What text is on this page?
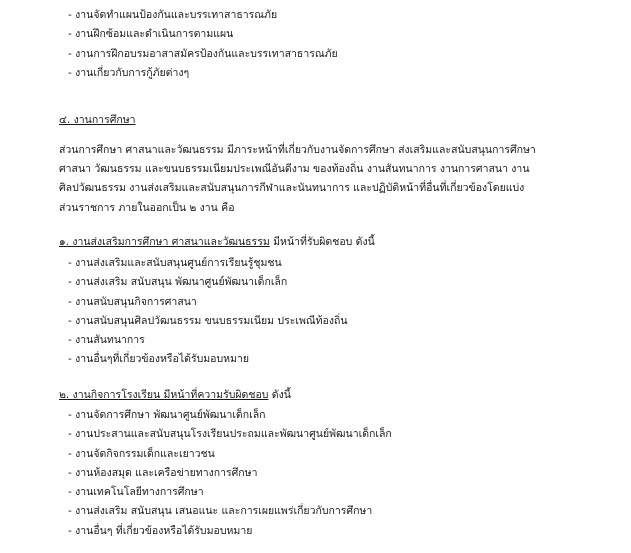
- งานจัดทำแผนป้องกันและบรรเทาสาธารณภัย
- งานฝึกซ้อมและดำเนินการตามแผน
- งานการฝึกอบรมอาสาสมัครป้องกันและบรรเทาสาธารณภัย
- งานเกี่ยวกับการกู้ภัยต่างๆ
๔. งานการศึกษา
ส่วนการศึกษา ศาสนาและวัฒนธรรม มีภาระหน้าที่เกี่ยวกับงานจัดการศึกษา ส่งเสริมและสนับสนุนการศึกษา
ศาสนา วัฒนธรรม และขนบธรรมเนียมประเพณีอันดีงาม ของท้องถิ่น งานสันทนาการ งานการศาสนา งาน
ศิลปวัฒนธรรม งานส่งเสริมและสนับสนุนการกีฬาและนันทนาการ และปฏิบัติหน้าที่อื่นที่เกี่ยวข้องโดยแบ่ง
ส่วนราชการ ภายในออกเป็น ๒ งาน คือ
๑. งานส่งเสริมการศึกษา ศาสนาและวัฒนธรรม มีหน้าที่รับผิดชอบ ดังนี้
- งานส่งเสริมและสนับสนุนศูนย์การเรียนรู้ชุมชน
- งานส่งเสริม สนับสนุน พัฒนาศูนย์พัฒนาเด็กเล็ก
- งานสนับสนุนกิจการศาสนา
- งานสนับสนุนศิลปวัฒนธรรม ขนบธรรมเนียม ประเพณีท้องถิ่น
- งานสันทนาการ
- งานอื่นๆที่เกี่ยวข้องหรือได้รับมอบหมาย
๒. งานกิจการโรงเรียน มีหน้าที่ความรับผิดชอบ ดังนี้
- งานจัดการศึกษา พัฒนาศูนย์พัฒนาเด็กเล็ก
- งานประสานและสนับสนุนโรงเรียนประถมและพัฒนาศูนย์พัฒนาเด็กเล็ก
- งานจัดกิจกรรมเด็กและเยาวชน
- งานห้องสมุด และเครือข่ายทางการศึกษา
- งานเทคโนโลยีทางการศึกษา
- งานส่งเสริม สนับสนุน เสนอแนะ และการเผยแพร่เกี่ยวกับการศึกษา
- งานอื่นๆ ที่เกี่ยวข้องหรือได้รับมอบหมาย
